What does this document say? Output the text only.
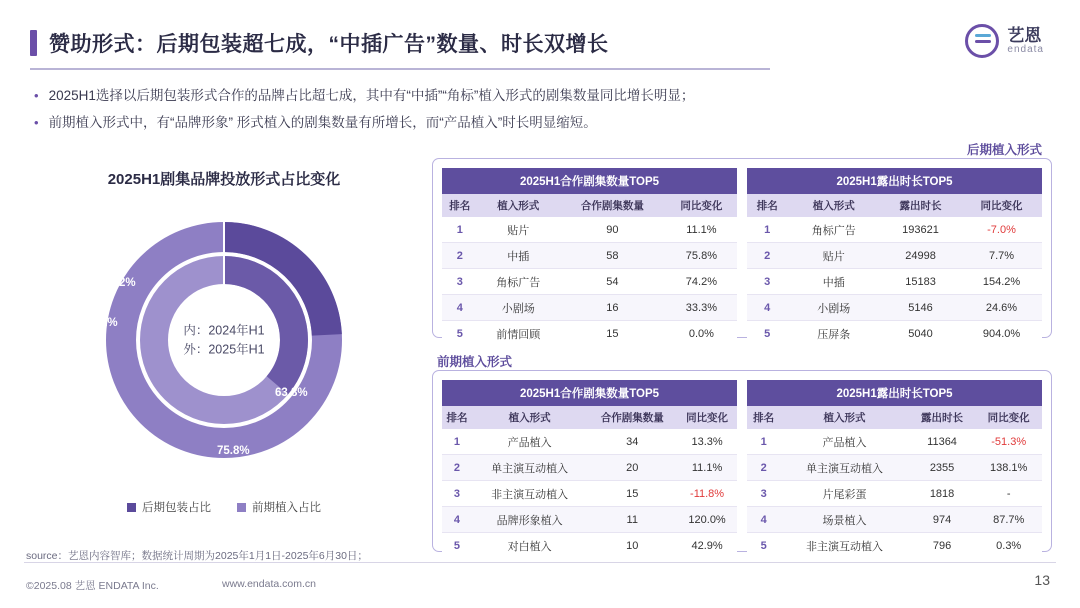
赞助形式：后期包装超七成，“中插广告”数量、时长双增长	艺恩
endata
• 2025H1选择以后期包装形式合作的品牌占比超七成，其中有“中插”“角标”植入形式的剧集数量同比增长明显；
• 前期植入形式中，有“品牌形象” 形式植入的剧集数量有所增长，而“产品植入”时长明显缩短。
后期植入形式
前期植入形式
2025H1剧集品牌投放形式占比变化
内：2024年H1
外：2025年H1
24.2%
75.8%
36.2%
63.8%
后期包装占比	前期植入占比
2025H1合作剧集数量TOP5			
排名	植入形式	合作剧集数量	同比变化
1	贴片	90	11.1%
2	中插	58	75.8%
3	角标广告	54	74.2%
4	小剧场	16	33.3%
5	前情回顾	15	0.0%
2025H1露出时长TOP5			
排名	植入形式	露出时长	同比变化
1	角标广告	193621	-7.0%
2	贴片	24998	7.7%
3	中插	15183	154.2%
4	小剧场	5146	24.6%
5	压屏条	5040	904.0%
2025H1合作剧集数量TOP5			
排名	植入形式	合作剧集数量	同比变化
1	产品植入	34	13.3%
2	单主演互动植入	20	11.1%
3	非主演互动植入	15	-11.8%
4	品牌形象植入	11	120.0%
5	对白植入	10	42.9%
2025H1露出时长TOP5			
排名	植入形式	露出时长	同比变化
1	产品植入	11364	-51.3%
2	单主演互动植入	2355	138.1%
3	片尾彩蛋	1818	-
4	场景植入	974	87.7%
5	非主演互动植入	796	0.3%
source：艺恩内容智库；数据统计周期为2025年1月1日-2025年6月30日；
©2025.08 艺恩 ENDATA Inc.	www.endata.com.cn	13
